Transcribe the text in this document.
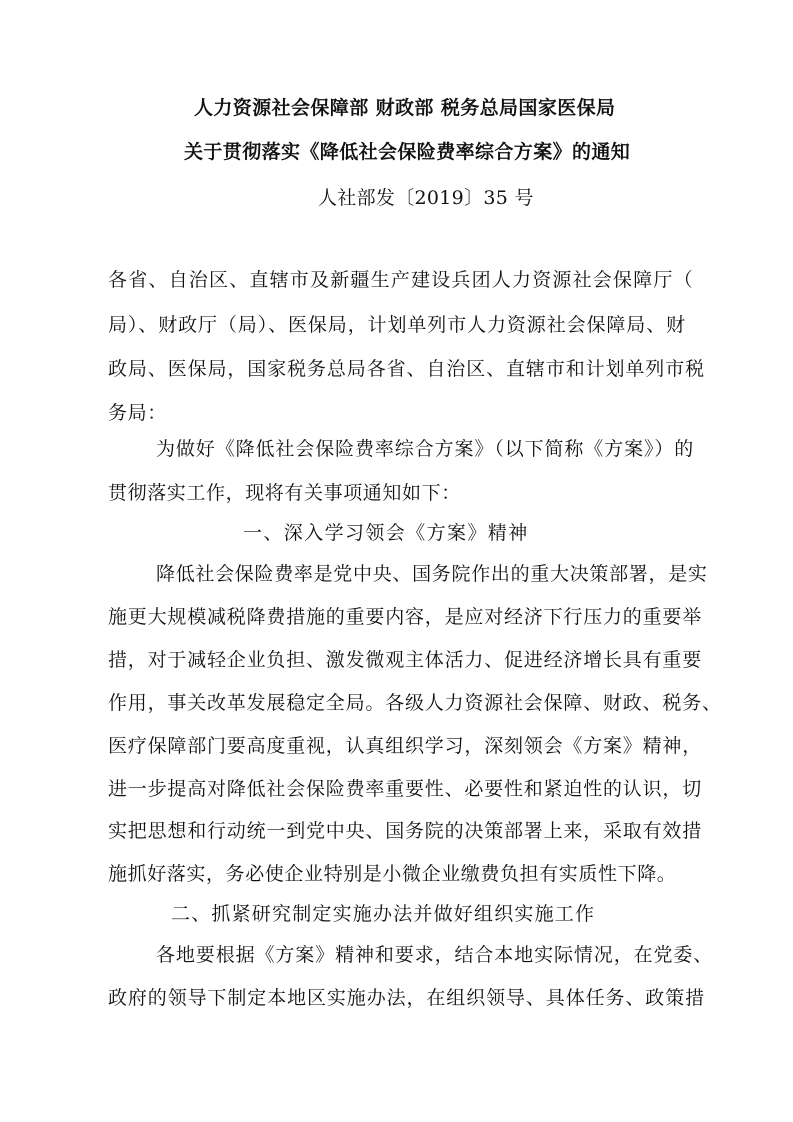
人力资源社会保障部 财政部 税务总局国家医保局
关于贯彻落实《降低社会保险费率综合方案》的通知
人社部发〔2019〕35 号
各省、自治区、直辖市及新疆生产建设兵团人力资源社会保障厅（
局）、财政厅（局）、医保局，计划单列市人力资源社会保障局、财
政局、医保局，国家税务总局各省、自治区、直辖市和计划单列市税
务局：
为做好《降低社会保险费率综合方案》（以下简称《方案》）的
贯彻落实工作，现将有关事项通知如下：
一、深入学习领会《方案》精神
降低社会保险费率是党中央、国务院作出的重大决策部署，是实
施更大规模减税降费措施的重要内容，是应对经济下行压力的重要举
措，对于减轻企业负担、激发微观主体活力、促进经济增长具有重要
作用，事关改革发展稳定全局。各级人力资源社会保障、财政、税务、
医疗保障部门要高度重视，认真组织学习，深刻领会《方案》精神，
进一步提高对降低社会保险费率重要性、必要性和紧迫性的认识，切
实把思想和行动统一到党中央、国务院的决策部署上来，采取有效措
施抓好落实，务必使企业特别是小微企业缴费负担有实质性下降。
二、抓紧研究制定实施办法并做好组织实施工作
各地要根据《方案》精神和要求，结合本地实际情况，在党委、
政府的领导下制定本地区实施办法，在组织领导、具体任务、政策措
